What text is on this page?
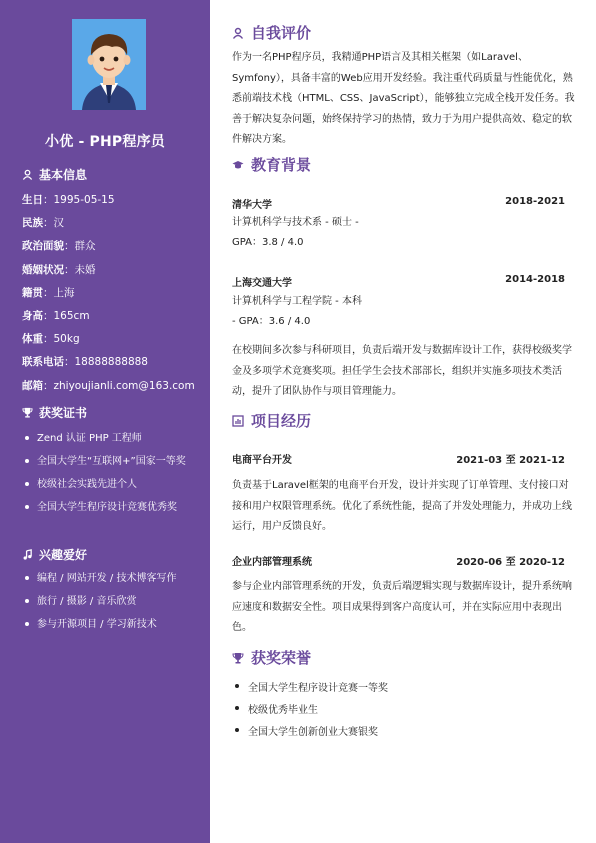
小优 - PHP程序员
基本信息
生日：1995-05-15
民族：汉
政治面貌：群众
婚姻状况：未婚
籍贯：上海
身高：165cm
体重：50kg
联系电话：18888888888
邮箱：zhiyoujianli.com@163.com
获奖证书
Zend 认证 PHP 工程师
全国大学生“互联网+”国家一等奖
校级社会实践先进个人
全国大学生程序设计竞赛优秀奖
兴趣爱好
编程 / 网站开发 / 技术博客写作
旅行 / 摄影 / 音乐欣赏
参与开源项目 / 学习新技术
自我评价
作为一名PHP程序员，我精通PHP语言及其相关框架（如Laravel、Symfony），具备丰富的Web应用开发经验。我注重代码质量与性能优化，熟悉前端技术栈（HTML、CSS、JavaScript），能够独立完成全栈开发任务。我善于解决复杂问题，始终保持学习的热情，致力于为用户提供高效、稳定的软件解决方案。
教育背景
清华大学	2018-2021
计算机科学与技术系 - 硕士 - GPA：3.8 / 4.0
上海交通大学	2014-2018
计算机科学与工程学院 - 本科 - GPA：3.6 / 4.0
在校期间多次参与科研项目，负责后端开发与数据库设计工作，获得校级奖学金及多项学术竞赛奖项。担任学生会技术部部长，组织并实施多项技术类活动，提升了团队协作与项目管理能力。
项目经历
电商平台开发	2021-03 至 2021-12
负责基于Laravel框架的电商平台开发，设计并实现了订单管理、支付接口对接和用户权限管理系统。优化了系统性能，提高了并发处理能力，并成功上线运行，用户反馈良好。
企业内部管理系统	2020-06 至 2020-12
参与企业内部管理系统的开发，负责后端逻辑实现与数据库设计，提升系统响应速度和数据安全性。项目成果得到客户高度认可，并在实际应用中表现出色。
获奖荣誉
全国大学生程序设计竞赛一等奖
校级优秀毕业生
全国大学生创新创业大赛银奖
